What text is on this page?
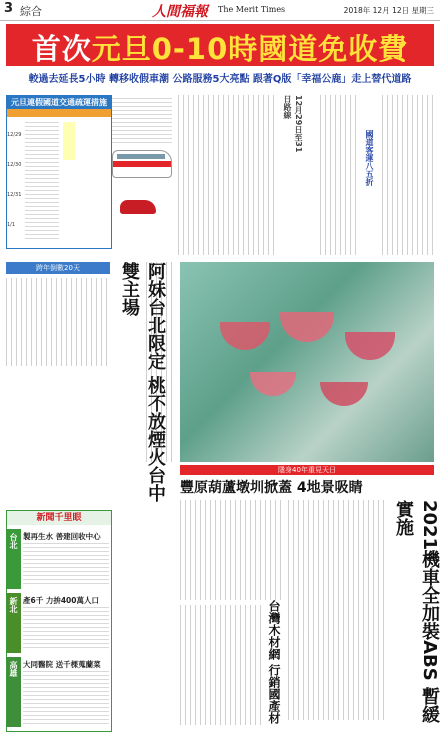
3 綜合	人間福報 The Merit Times	2018年 12月 12日 星期三
首次元旦0-10時國道免收費
較過去延長5小時 轉移收假車潮 公路服務5大亮點 跟著Q版「幸福公鹿」走上替代道路
元旦連假國道交通疏運措施
12/29
12/30
12/31
1/1
12月29日至31日路線
國道客運八五折
跨年倒數20天	阿妹台北限定 桃不放煙火台中雙主場
隱身40年重見天日
豐原葫蘆墩圳掀蓋 4地景吸睛
2021機車全加裝ABS 暫緩實施
台灣木材網 行銷國產材
新聞千里眼
台北 製再生水 善建回收中心
新北 產6千 力拚400萬人口
高雄 大同醫院 送千棵蒐蘭菜
